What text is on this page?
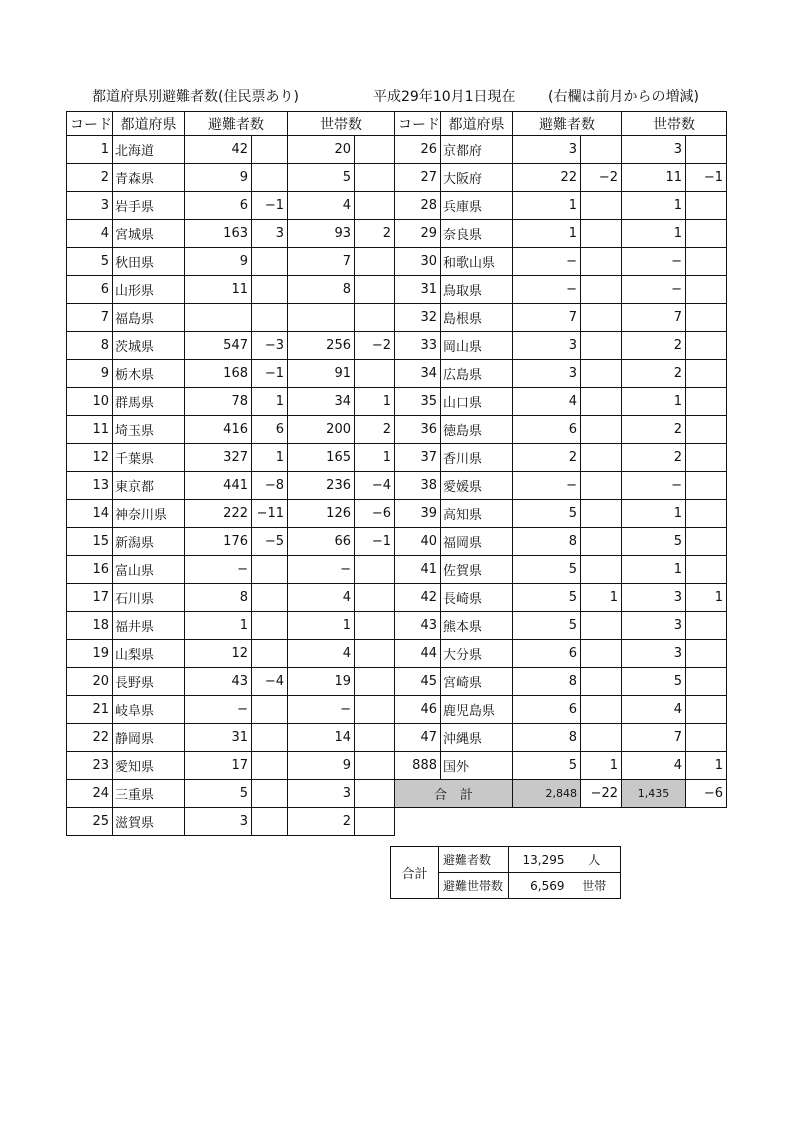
都道府県別避難者数(住民票あり)	平成29年10月1日現在 (右欄は前月からの増減)
コード	都道府県	避難者数		世帯数	
1	北海道	42		20	
2	青森県	9		5	
3	岩手県	6	−1	4	
4	宮城県	163	3	93	2
5	秋田県	9		7	
6	山形県	11		8	
7	福島県				
8	茨城県	547	−3	256	−2
9	栃木県	168	−1	91	
10	群馬県	78	1	34	1
11	埼玉県	416	6	200	2
12	千葉県	327	1	165	1
13	東京都	441	−8	236	−4
14	神奈川県	222	−11	126	−6
15	新潟県	176	−5	66	−1
16	富山県	−		−	
17	石川県	8		4	
18	福井県	1		1	
19	山梨県	12		4	
20	長野県	43	−4	19	
21	岐阜県	−		−	
22	静岡県	31		14	
23	愛知県	17		9	
24	三重県	5		3	
25	滋賀県	3		2	
コード	都道府県	避難者数		世帯数	
26	京都府	3		3	
27	大阪府	22	−2	11	−1
28	兵庫県	1		1	
29	奈良県	1		1	
30	和歌山県	−		−	
31	鳥取県	−		−	
32	島根県	7		7	
33	岡山県	3		2	
34	広島県	3		2	
35	山口県	4		1	
36	徳島県	6		2	
37	香川県	2		2	
38	愛媛県	−		−	
39	高知県	5		1	
40	福岡県	8		5	
41	佐賀県	5		1	
42	長崎県	5	1	3	1
43	熊本県	5		3	
44	大分県	6		3	
45	宮崎県	8		5	
46	鹿児島県	6		4	
47	沖縄県	8		7	
888	国外	5	1	4	1
合　計		2,848	−22	1,435	−6
合計	避難者数	13,295	人
	避難世帯数	6,569	世帯
